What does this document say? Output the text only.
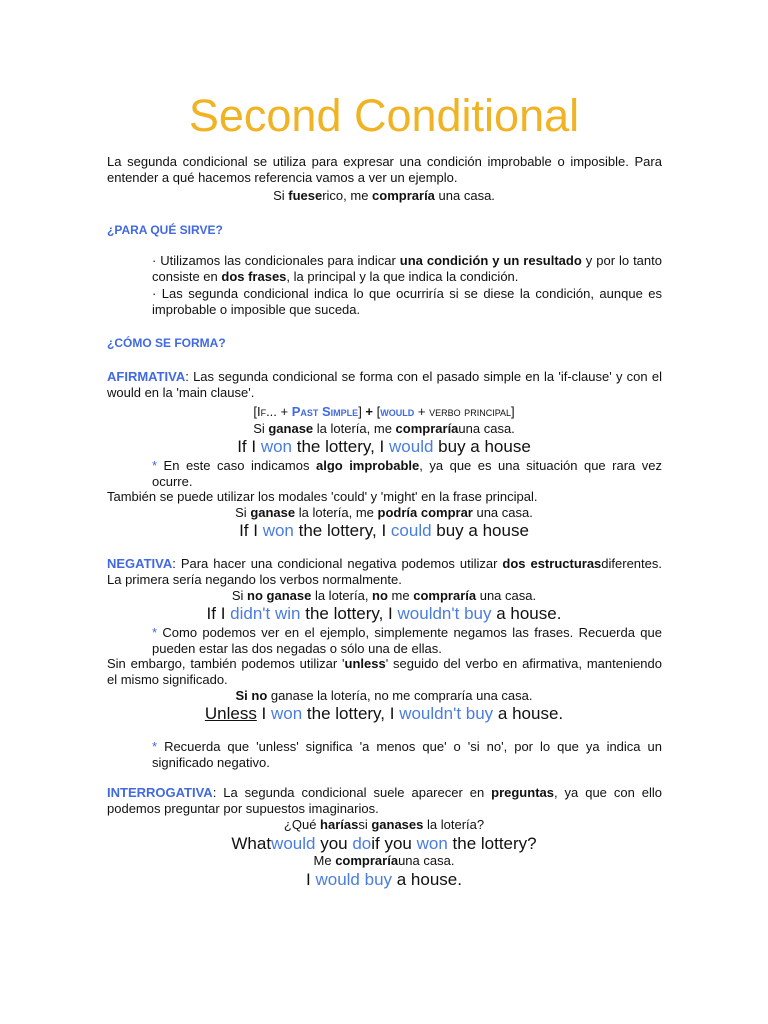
Second Conditional
La segunda condicional se utiliza para expresar una condición improbable o imposible. Para entender a qué hacemos referencia vamos a ver un ejemplo.
Si fueserico, me compraría una casa.
¿PARA QUÉ SIRVE?
· Utilizamos las condicionales para indicar una condición y un resultado y por lo tanto consiste en dos frases, la principal y la que indica la condición.
· Las segunda condicional indica lo que ocurriría si se diese la condición, aunque es improbable o imposible que suceda.
¿CÓMO SE FORMA?
AFIRMATIVA: Las segunda condicional se forma con el pasado simple en la 'if-clause' y con el would en la 'main clause'.
[If... + Past Simple] + [would + verbo principal]
Si ganase la lotería, me compraríauna casa.
If I won the lottery, I would buy a house
* En este caso indicamos algo improbable, ya que es una situación que rara vez ocurre.
También se puede utilizar los modales 'could' y 'might' en la frase principal.
Si ganase la lotería, me podría comprar una casa.
If I won the lottery, I could buy a house
NEGATIVA: Para hacer una condicional negativa podemos utilizar dos estructurasdiferentes. La primera sería negando los verbos normalmente.
Si no ganase la lotería, no me compraría una casa.
If I didn't win the lottery, I wouldn't buy a house.
* Como podemos ver en el ejemplo, simplemente negamos las frases. Recuerda que pueden estar las dos negadas o sólo una de ellas.
Sin embargo, también podemos utilizar 'unless' seguido del verbo en afirmativa, manteniendo el mismo significado.
Si no ganase la lotería, no me compraría una casa.
Unless I won the lottery, I wouldn't buy a house.
* Recuerda que 'unless' significa 'a menos que' o 'si no', por lo que ya indica un significado negativo.
INTERROGATIVA: La segunda condicional suele aparecer en preguntas, ya que con ello podemos preguntar por supuestos imaginarios.
¿Qué haríassi ganases la lotería?
Whatwould you doif you won the lottery?
Me compraríauna casa.
I would buy a house.
